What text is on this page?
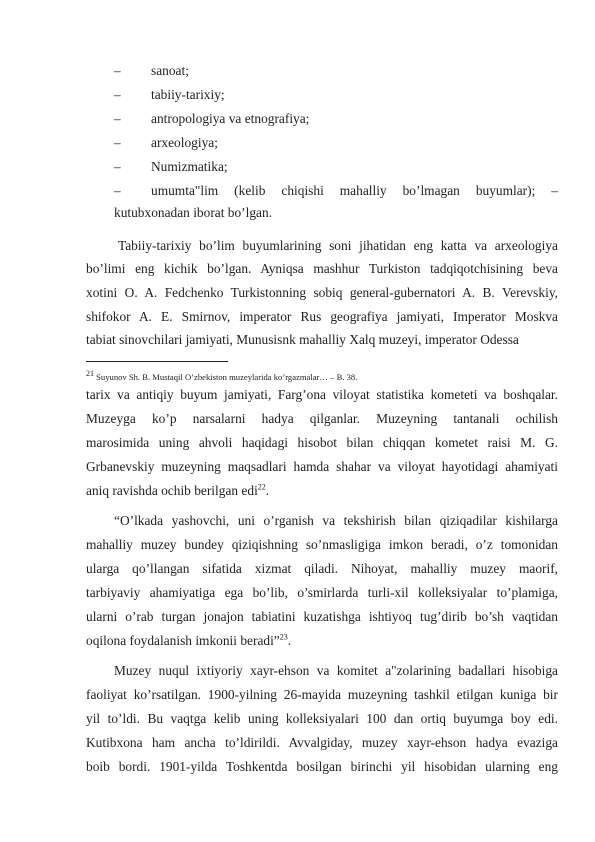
– sanoat;
– tabiiy-tarixiy;
– antropologiya va etnografiya;
– arxeologiya;
– Numizmatika;
– umumta"lim (kelib chiqishi mahalliy bo’lmagan buyumlar); –
kutubxonadan iborat bo’lgan.
Tabiiy-tarixiy bo’lim buyumlarining soni jihatidan eng katta va arxeologiya
bo’limi eng kichik bo’lgan. Ayniqsa mashhur Turkiston tadqiqotchisining beva
xotini O. A. Fedchenko Turkistonning sobiq general-gubernatori A. B. Verevskiy,
shifokor A. E. Smirnov, imperator Rus geografiya jamiyati, Imperator Moskva
tabiat sinovchilari jamiyati, Munusisnk mahalliy Xalq muzeyi, imperator Odessa
$^{21}$ Suyunov Sh. B. Mustaqil O’zbekiston muzeylarida ko’rgazmalar… – B. 38.
tarix va antiqiy buyum jamiyati, Farg’ona viloyat statistika kometeti va boshqalar.
Muzeyga ko’p narsalarni hadya qilganlar. Muzeyning tantanali ochilish
marosimida uning ahvoli haqidagi hisobot bilan chiqqan kometet raisi M. G.
Grbanevskiy muzeyning maqsadlari hamda shahar va viloyat hayotidagi ahamiyati
aniq ravishda ochib berilgan edi$^{22}$.
“O’lkada yashovchi, uni o’rganish va tekshirish bilan qiziqadilar kishilarga
mahalliy muzey bundey qiziqishning so’nmasligiga imkon beradi, o’z tomonidan
ularga qo’llangan sifatida xizmat qiladi. Nihoyat, mahalliy muzey maorif,
tarbiyaviy ahamiyatiga ega bo’lib, o’smirlarda turli-xil kolleksiyalar to’plamiga,
ularni o’rab turgan jonajon tabiatini kuzatishga ishtiyoq tug’dirib bo’sh vaqtidan
oqilona foydalanish imkonii beradi”$^{23}$.
Muzey nuqul ixtiyoriy xayr-ehson va komitet a"zolarining badallari hisobiga
faoliyat ko’rsatilgan. 1900-yilning 26-mayida muzeyning tashkil etilgan kuniga bir
yil to’ldi. Bu vaqtga kelib uning kolleksiyalari 100 dan ortiq buyumga boy edi.
Kutibxona ham ancha to’ldirildi. Avvalgiday, muzey xayr-ehson hadya evaziga
boib bordi. 1901-yilda Toshkentda bosilgan birinchi yil hisobidan ularning eng
